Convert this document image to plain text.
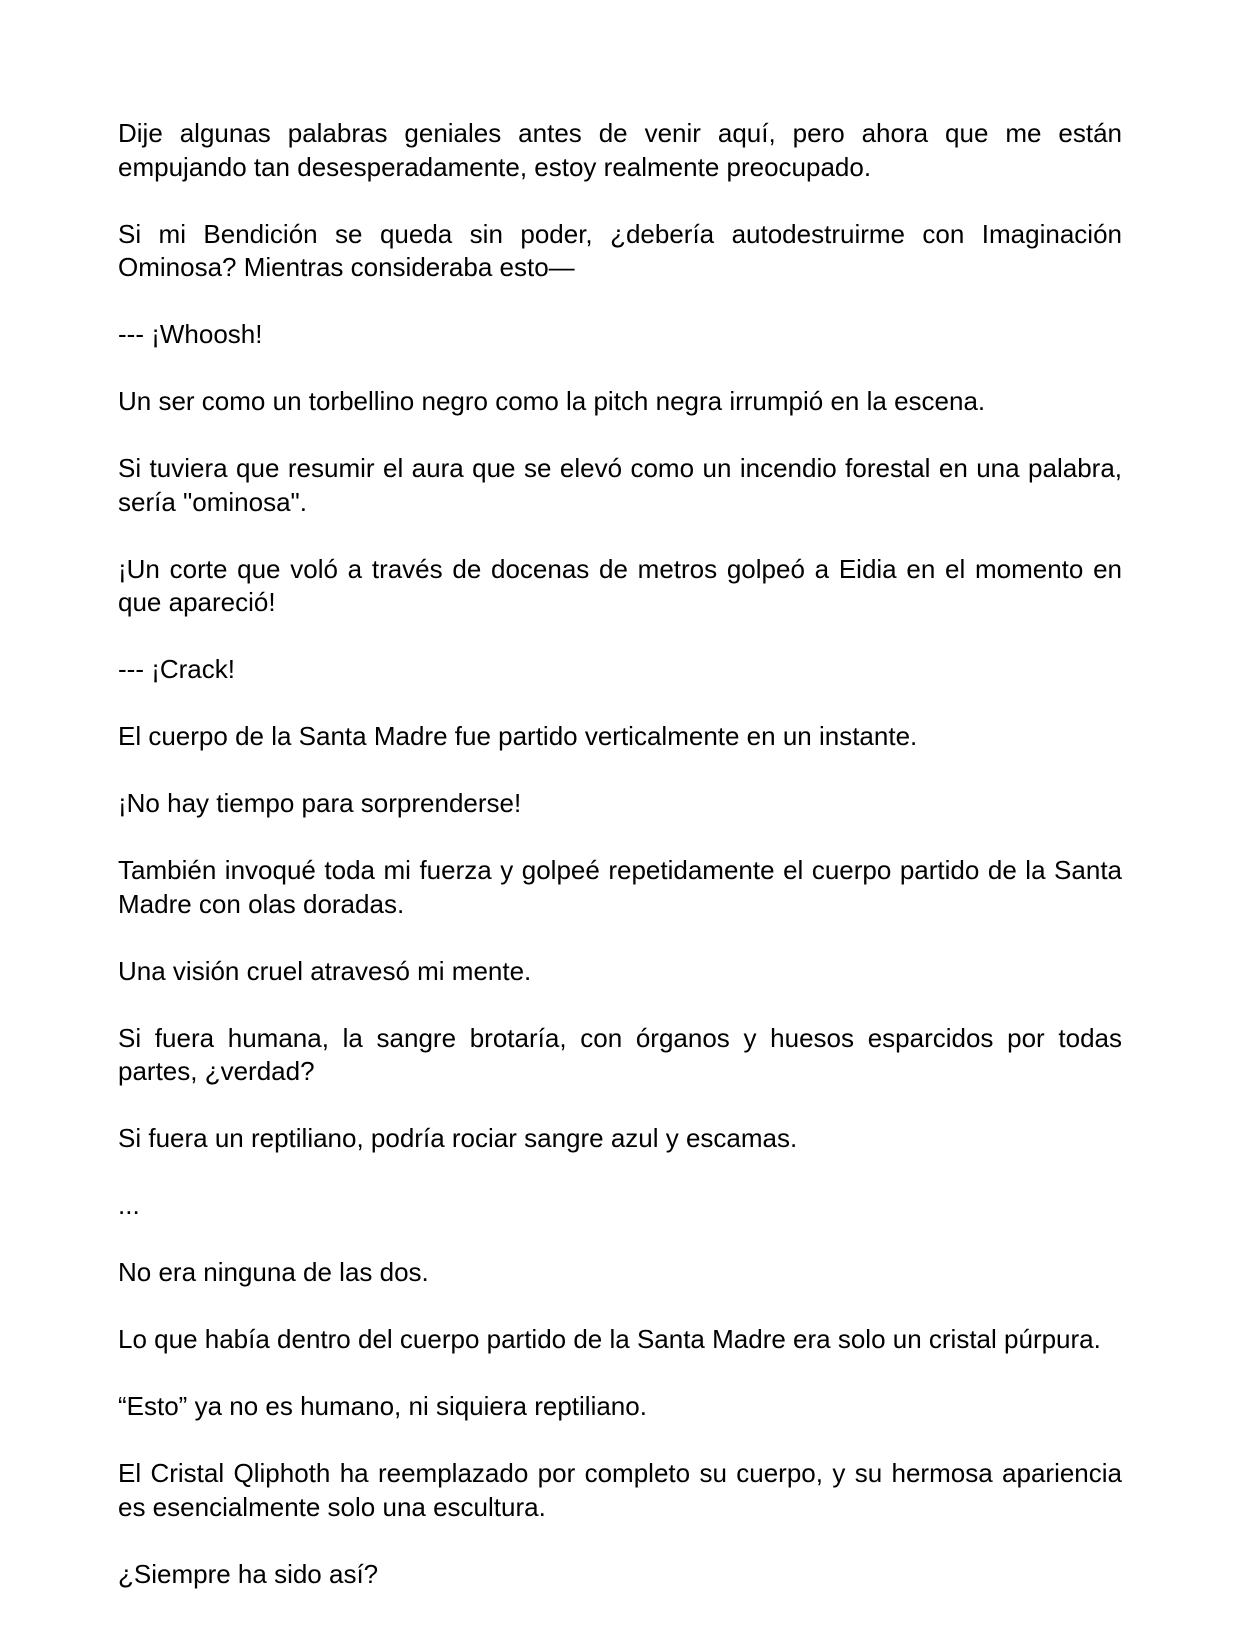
Dije algunas palabras geniales antes de venir aquí, pero ahora que me están empujando tan desesperadamente, estoy realmente preocupado.

Si mi Bendición se queda sin poder, ¿debería autodestruirme con Imaginación Ominosa? Mientras consideraba esto—

--- ¡Whoosh!

Un ser como un torbellino negro como la pitch negra irrumpió en la escena.

Si tuviera que resumir el aura que se elevó como un incendio forestal en una palabra, sería "ominosa".

¡Un corte que voló a través de docenas de metros golpeó a Eidia en el momento en que apareció!

--- ¡Crack!

El cuerpo de la Santa Madre fue partido verticalmente en un instante.

¡No hay tiempo para sorprenderse!

También invoqué toda mi fuerza y golpeé repetidamente el cuerpo partido de la Santa Madre con olas doradas.

Una visión cruel atravesó mi mente.

Si fuera humana, la sangre brotaría, con órganos y huesos esparcidos por todas partes, ¿verdad?

Si fuera un reptiliano, podría rociar sangre azul y escamas.

...

No era ninguna de las dos.

Lo que había dentro del cuerpo partido de la Santa Madre era solo un cristal púrpura.

“Esto” ya no es humano, ni siquiera reptiliano.

El Cristal Qliphoth ha reemplazado por completo su cuerpo, y su hermosa apariencia es esencialmente solo una escultura.

¿Siempre ha sido así?
